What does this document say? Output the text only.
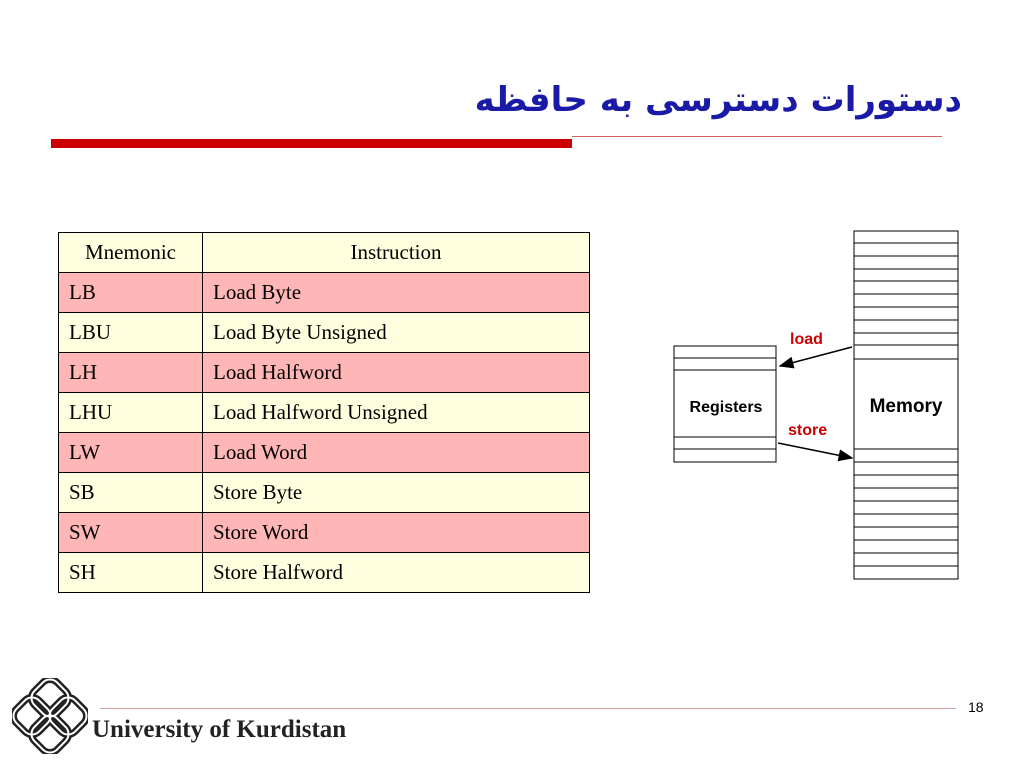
دستورات دسترسی به حافظه
Mnemonic	Instruction
LB	Load Byte
LBU	Load Byte Unsigned
LH	Load Halfword
LHU	Load Halfword Unsigned
LW	Load Word
SB	Store Byte
SW	Store Word
SH	Store Halfword
Memory
Registers
load
store
18
University of Kurdistan
